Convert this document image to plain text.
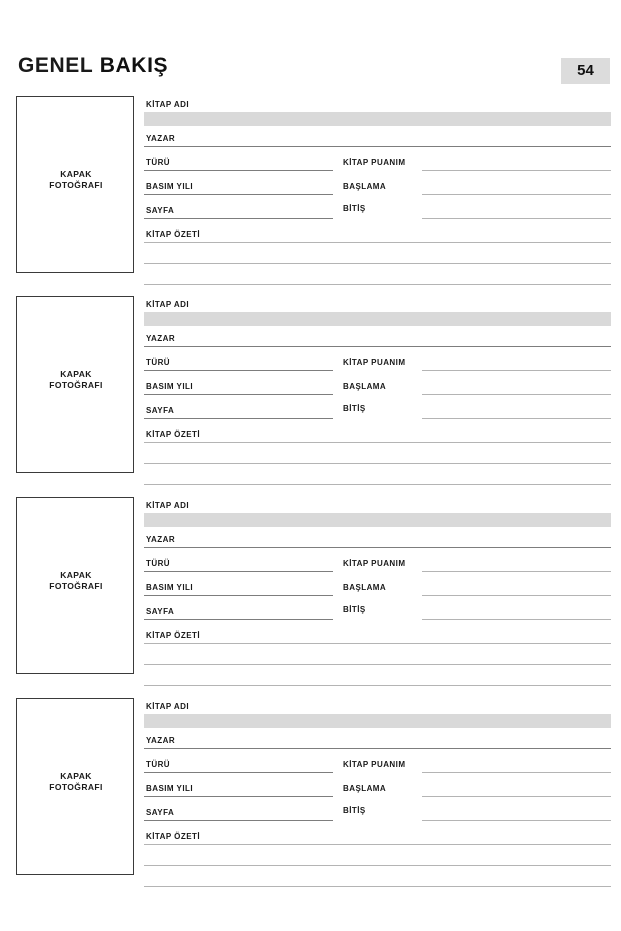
GENEL BAKIŞ	54
KAPAK
FOTOĞRAFI
KİTAP ADI
YAZAR
TÜRÜ
BASIM YILI
SAYFA
KİTAP PUANIM
BAŞLAMA
BİTİŞ
KİTAP ÖZETİ
KAPAK
FOTOĞRAFI
KİTAP ADI
YAZAR
TÜRÜ
BASIM YILI
SAYFA
KİTAP PUANIM
BAŞLAMA
BİTİŞ
KİTAP ÖZETİ
KAPAK
FOTOĞRAFI
KİTAP ADI
YAZAR
TÜRÜ
BASIM YILI
SAYFA
KİTAP PUANIM
BAŞLAMA
BİTİŞ
KİTAP ÖZETİ
KAPAK
FOTOĞRAFI
KİTAP ADI
YAZAR
TÜRÜ
BASIM YILI
SAYFA
KİTAP PUANIM
BAŞLAMA
BİTİŞ
KİTAP ÖZETİ
